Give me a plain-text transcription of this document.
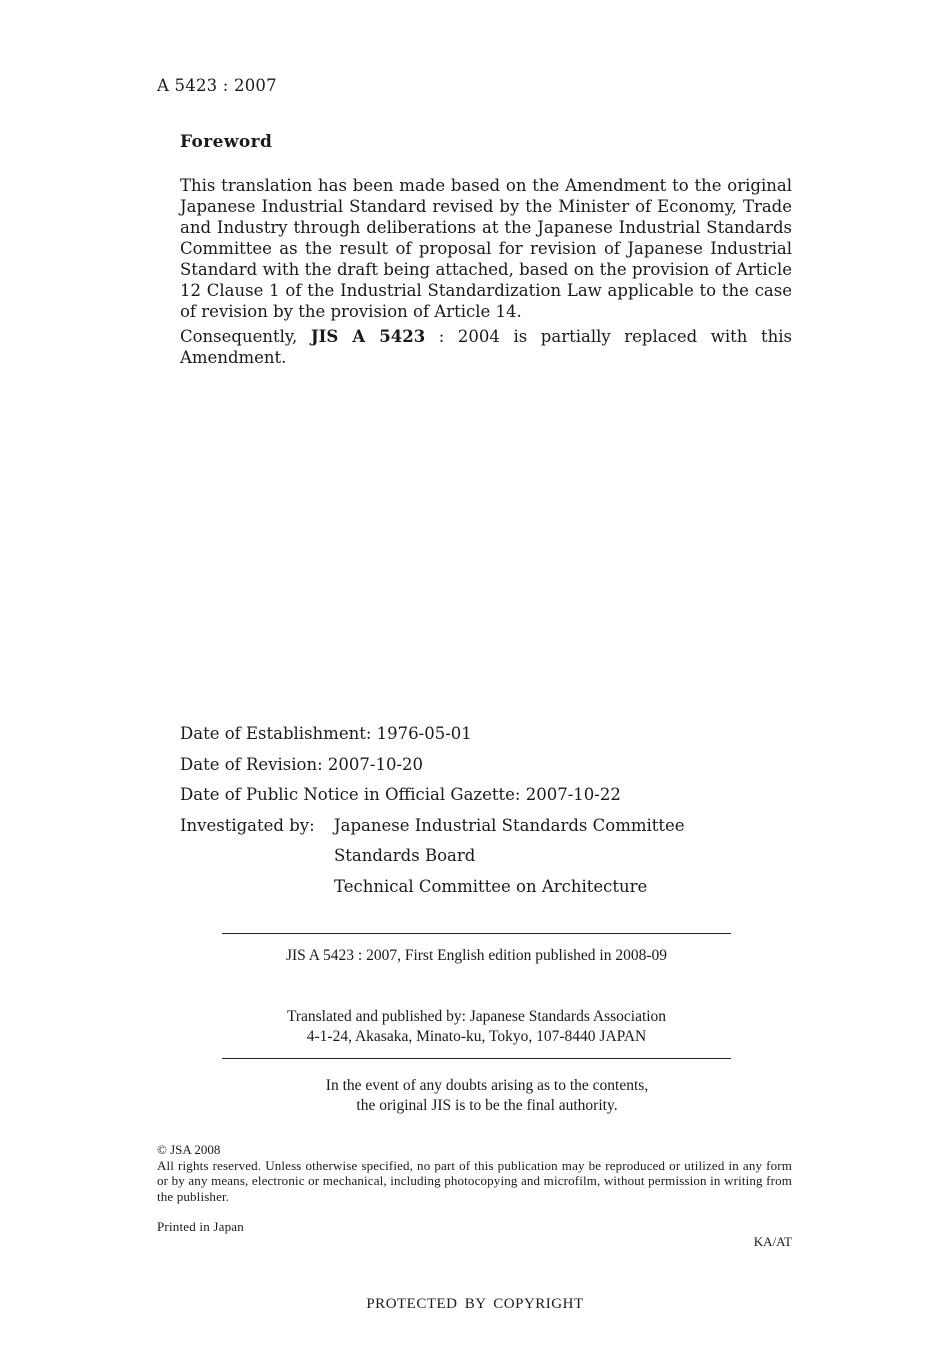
A 5423 : 2007
Foreword

This translation has been made based on the Amendment to the original Japanese Industrial Standard revised by the Minister of Economy, Trade and Industry through deliberations at the Japanese Industrial Standards Committee as the result of proposal for revision of Japanese Industrial Standard with the draft being attached, based on the provision of Article 12 Clause 1 of the Industrial Standardization Law applicable to the case of revision by the provision of Article 14.

Consequently, JIS A 5423 : 2004 is partially replaced with this Amendment.

Date of Establishment: 1976-05-01
Date of Revision: 2007-10-20
Date of Public Notice in Official Gazette: 2007-10-22
Investigated by:	Japanese Industrial Standards Committee
Standards Board
Technical Committee on Architecture
JIS A 5423 : 2007, First English edition published in 2008-09
Translated and published by: Japanese Standards Association
4-1-24, Akasaka, Minato-ku, Tokyo, 107-8440 JAPAN
In the event of any doubts arising as to the contents,
the original JIS is to be the final authority.
© JSA 2008
All rights reserved. Unless otherwise specified, no part of this publication may be reproduced or utilized in any form or by any means, electronic or mechanical, including photocopying and microfilm, without permission in writing from the publisher.
Printed in Japan
KA/AT
PROTECTED BY COPYRIGHT
